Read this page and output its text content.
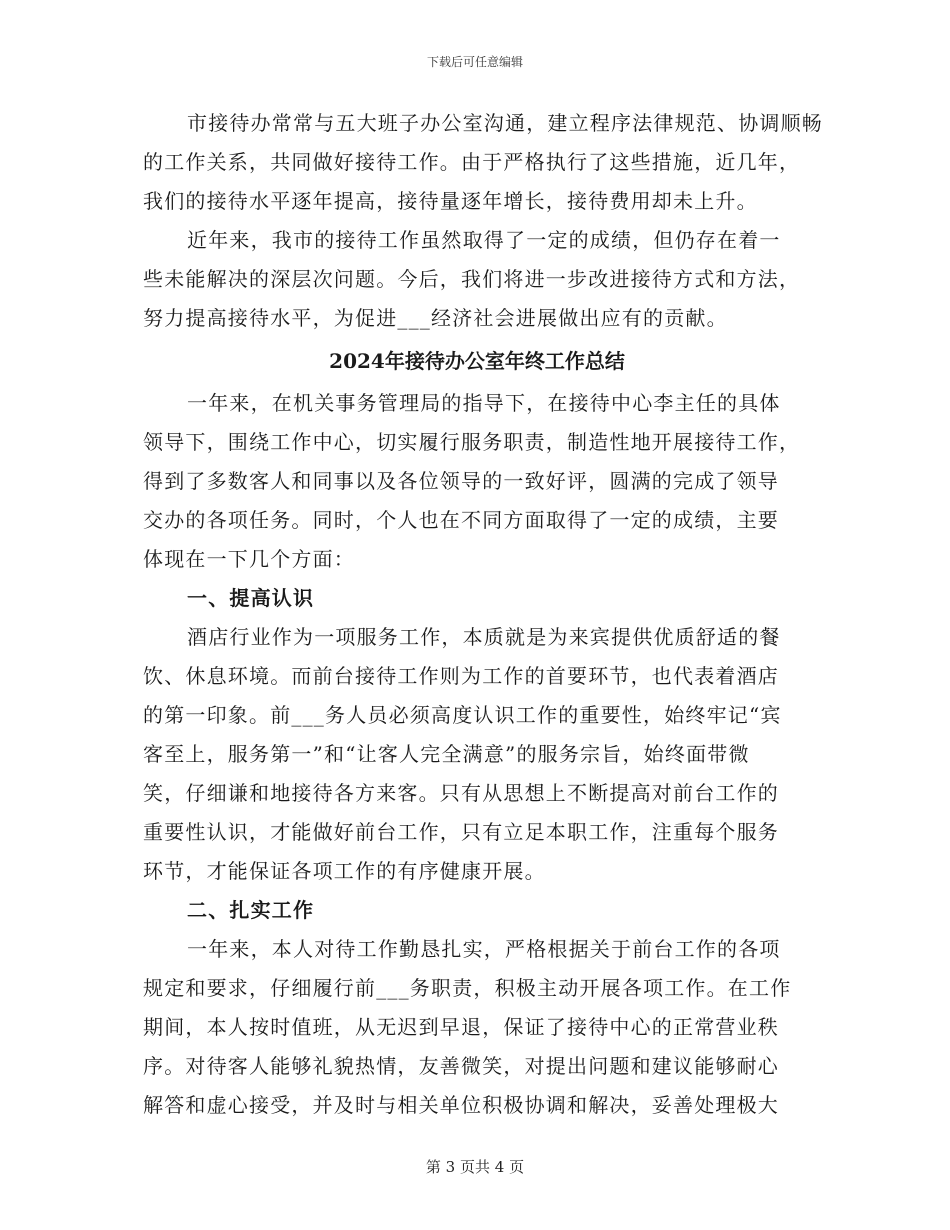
下载后可任意编辑
市接待办常常与五大班子办公室沟通，建立程序法律规范、协调顺畅
的工作关系，共同做好接待工作。由于严格执行了这些措施，近几年，
我们的接待水平逐年提高，接待量逐年增长，接待费用却未上升。
近年来，我市的接待工作虽然取得了一定的成绩，但仍存在着一
些未能解决的深层次问题。今后，我们将进一步改进接待方式和方法，
努力提高接待水平，为促进___经济社会进展做出应有的贡献。
2024年接待办公室年终工作总结
一年来，在机关事务管理局的指导下，在接待中心李主任的具体
领导下，围绕工作中心，切实履行服务职责，制造性地开展接待工作，
得到了多数客人和同事以及各位领导的一致好评，圆满的完成了领导
交办的各项任务。同时，个人也在不同方面取得了一定的成绩，主要
体现在一下几个方面：
一、提高认识
酒店行业作为一项服务工作，本质就是为来宾提供优质舒适的餐
饮、休息环境。而前台接待工作则为工作的首要环节，也代表着酒店
的第一印象。前___务人员必须高度认识工作的重要性，始终牢记“宾
客至上，服务第一”和“让客人完全满意”的服务宗旨，始终面带微
笑，仔细谦和地接待各方来客。只有从思想上不断提高对前台工作的
重要性认识，才能做好前台工作，只有立足本职工作，注重每个服务
环节，才能保证各项工作的有序健康开展。
二、扎实工作
一年来，本人对待工作勤恳扎实，严格根据关于前台工作的各项
规定和要求，仔细履行前___务职责，积极主动开展各项工作。在工作
期间，本人按时值班，从无迟到早退，保证了接待中心的正常营业秩
序。对待客人能够礼貌热情，友善微笑，对提出问题和建议能够耐心
解答和虚心接受，并及时与相关单位积极协调和解决，妥善处理极大
第 3 页共 4 页
